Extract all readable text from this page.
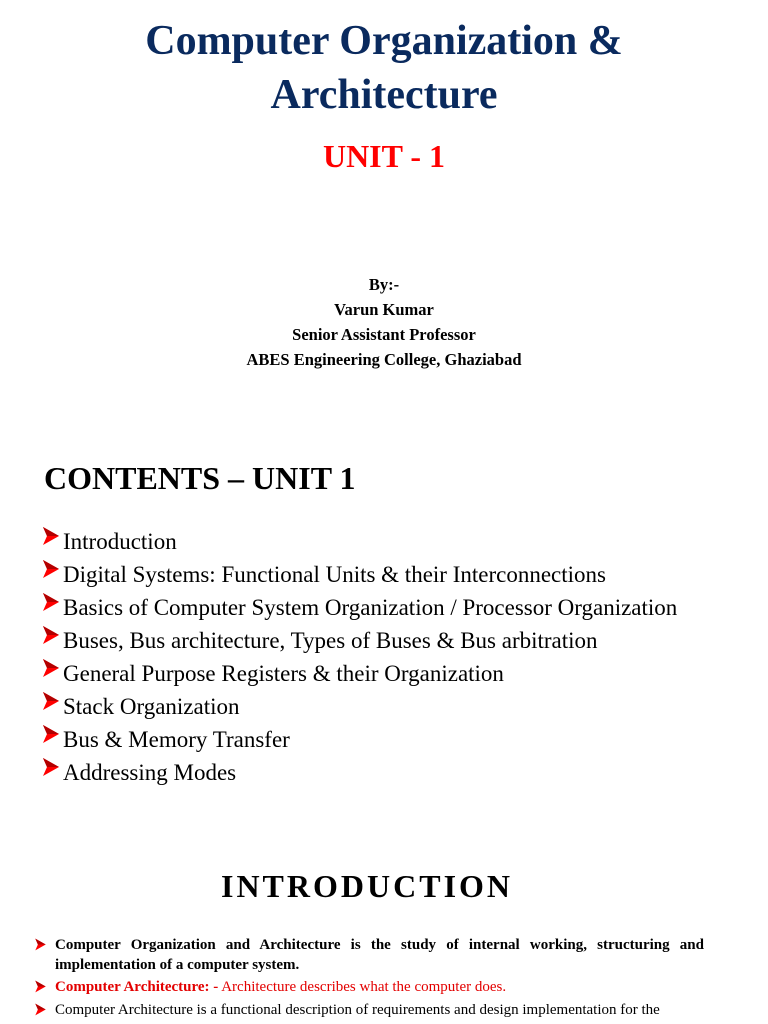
Computer Organization &
Architecture
UNIT - 1
By:-
Varun Kumar
Senior Assistant Professor
ABES Engineering College, Ghaziabad
CONTENTS – UNIT 1
Introduction
Digital Systems: Functional Units & their Interconnections
Basics of Computer System Organization / Processor Organization
Buses, Bus architecture, Types of Buses & Bus arbitration
General Purpose Registers & their Organization
Stack Organization
Bus & Memory Transfer
Addressing Modes
INTRODUCTION
Computer Organization and Architecture is the study of internal working, structuring and implementation of a computer system.
Computer Architecture: - Architecture describes what the computer does.
Computer Architecture is a functional description of requirements and design implementation for the
